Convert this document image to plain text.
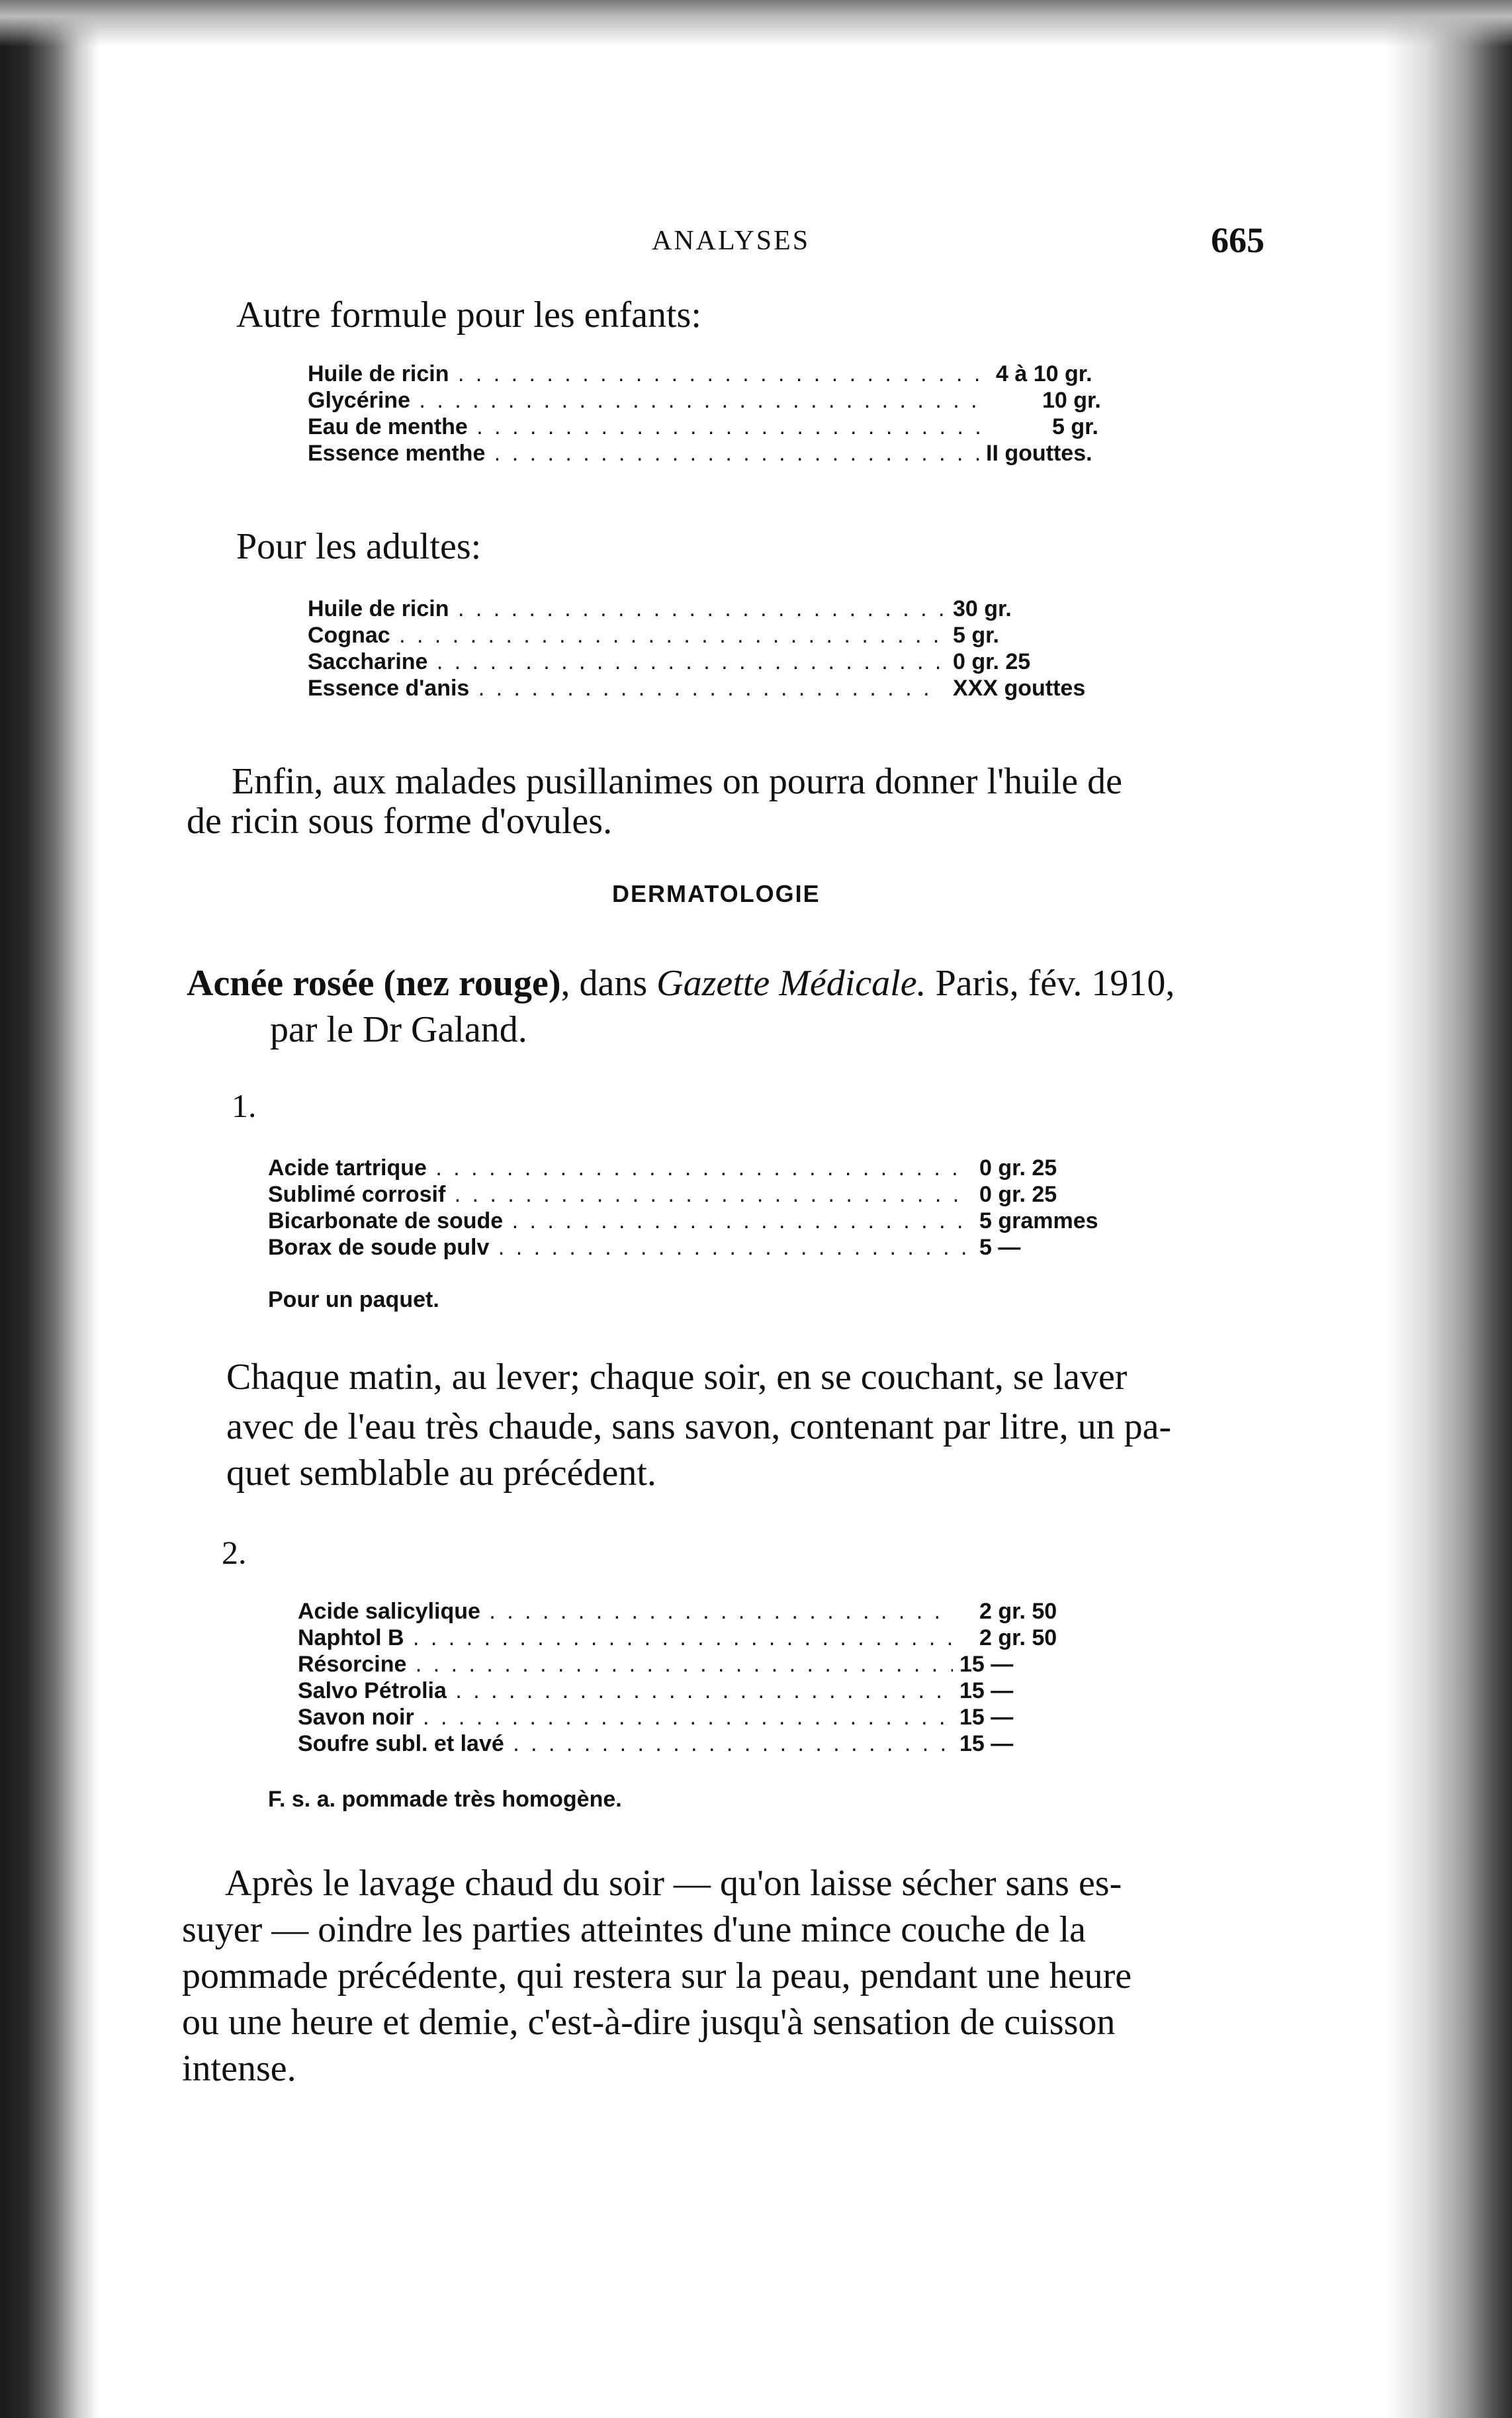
ANALYSES	665
Autre formule pour les enfants:
Huile de ricin . . .	4 à 10 gr.
Glycérine . . .	10 gr.
Eau de menthe . . .	5 gr.
Essence menthe . . .	II gouttes.
Pour les adultes:
Huile de ricin . . .	30 gr.
Cognac . . .	5 gr.
Saccharine . . .	0 gr. 25
Essence d'anis . . .	XXX gouttes
Enfin, aux malades pusillanimes on pourra donner l'huile de
de ricin sous forme d'ovules.
DERMATOLOGIE
Acnée rosée (nez rouge), dans Gazette Médicale. Paris, fév. 1910,
par le Dr Galand.
1.
Acide tartrique . . .	0 gr. 25
Sublimé corrosif . . .	0 gr. 25
Bicarbonate de soude . . .	5 grammes
Borax de soude pulv . . .	5 —
Pour un paquet.
Chaque matin, au lever; chaque soir, en se couchant, se laver
avec de l'eau très chaude, sans savon, contenant par litre, un pa-
quet semblable au précédent.
2.
Acide salicylique . . .	2 gr. 50
Naphtol B . . .	2 gr. 50
Résorcine . . .	15 —
Salvo Pétrolia . . .	15 —
Savon noir . . .	15 —
Soufre subl. et lavé . . .	15 —
F. s. a. pommade très homogène.
Après le lavage chaud du soir — qu'on laisse sécher sans es-
suyer — oindre les parties atteintes d'une mince couche de la
pommade précédente, qui restera sur la peau, pendant une heure
ou une heure et demie, c'est-à-dire jusqu'à sensation de cuisson
intense.
